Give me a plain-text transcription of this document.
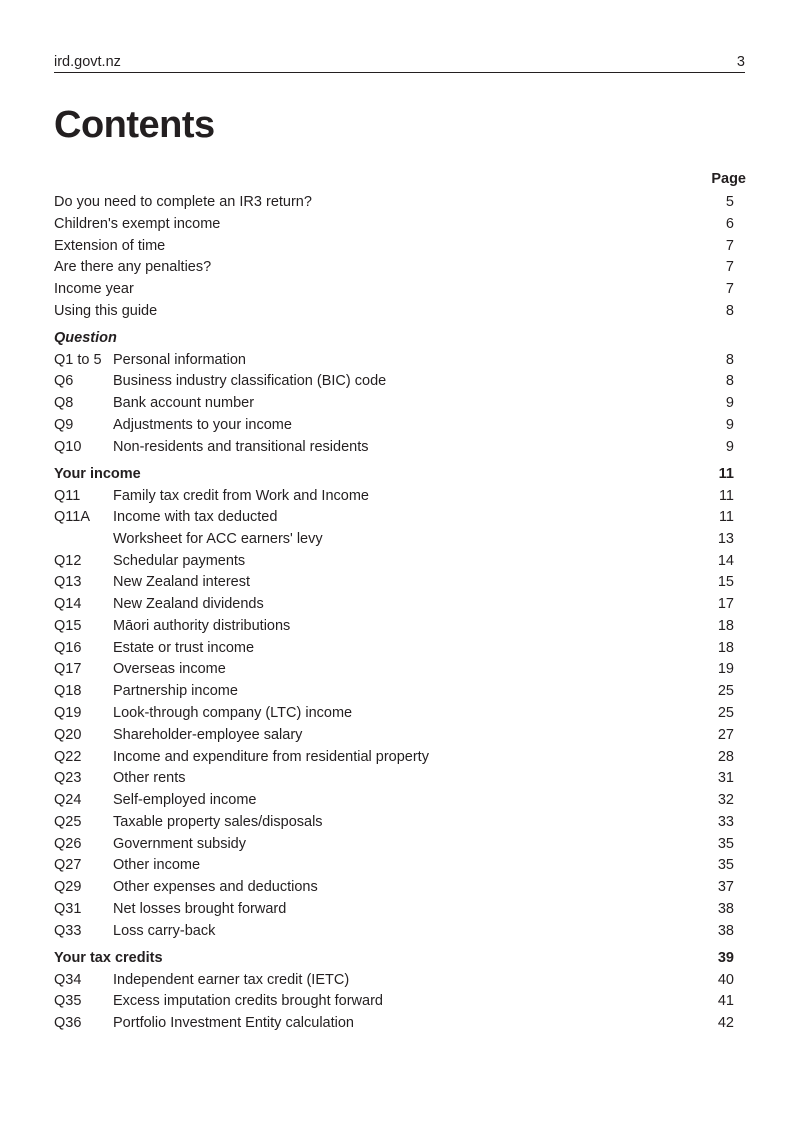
ird.govt.nz	3
Contents
Page
Do you need to complete an IR3 return?	5
Children's exempt income	6
Extension of time	7
Are there any penalties?	7
Income year	7
Using this guide	8
Question
Q1 to 5 Personal information	8
Q6	Business industry classification (BIC) code	8
Q8	Bank account number	9
Q9	Adjustments to your income	9
Q10 Non-residents and transitional residents	9
Your income	11
Q11 Family tax credit from Work and Income	11
Q11A Income with tax deducted	11
Worksheet for ACC earners' levy	13
Q12 Schedular payments	14
Q13 New Zealand interest	15
Q14 New Zealand dividends	17
Q15 Māori authority distributions	18
Q16 Estate or trust income	18
Q17 Overseas income	19
Q18 Partnership income	25
Q19 Look-through company (LTC) income	25
Q20 Shareholder-employee salary	27
Q22 Income and expenditure from residential property	28
Q23 Other rents	31
Q24 Self-employed income	32
Q25 Taxable property sales/disposals	33
Q26 Government subsidy	35
Q27 Other income	35
Q29 Other expenses and deductions	37
Q31 Net losses brought forward	38
Q33 Loss carry-back	38
Your tax credits	39
Q34 Independent earner tax credit (IETC)	40
Q35 Excess imputation credits brought forward	41
Q36 Portfolio Investment Entity calculation	42
